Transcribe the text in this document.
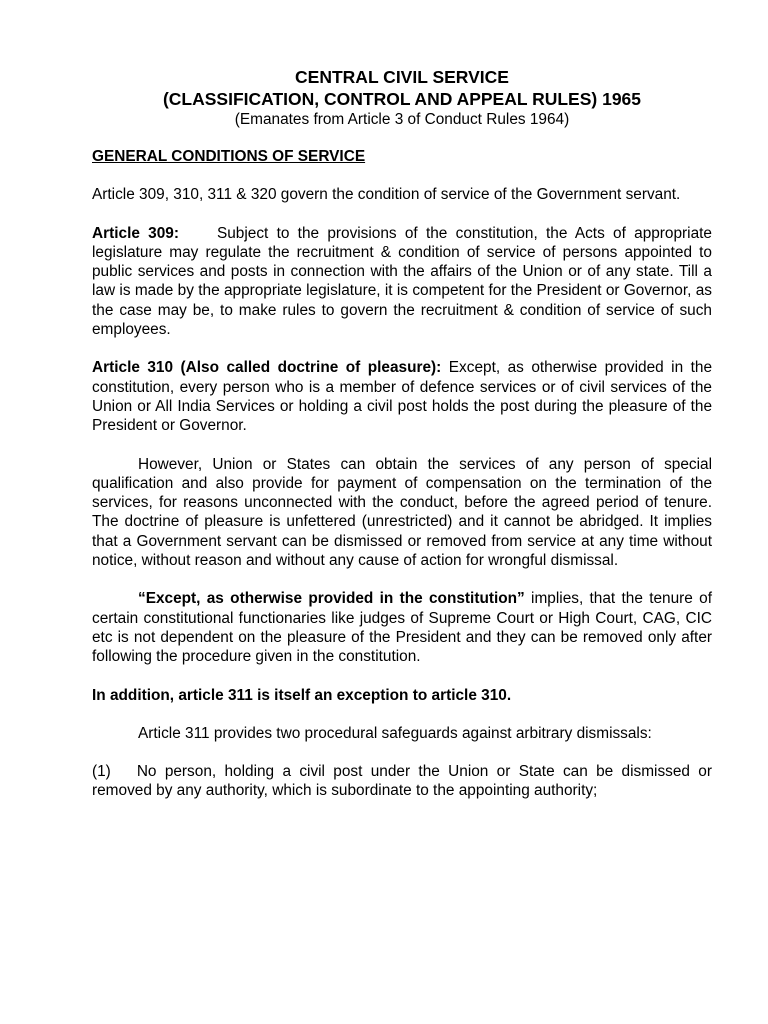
CENTRAL CIVIL SERVICE
(CLASSIFICATION, CONTROL AND APPEAL RULES) 1965
(Emanates from Article 3 of Conduct Rules 1964)
GENERAL CONDITIONS OF SERVICE

Article 309, 310, 311 & 320 govern the condition of service of the Government servant.

Article 309: Subject to the provisions of the constitution, the Acts of appropriate legislature may regulate the recruitment & condition of service of persons appointed to public services and posts in connection with the affairs of the Union or of any state. Till a law is made by the appropriate legislature, it is competent for the President or Governor, as the case may be, to make rules to govern the recruitment & condition of service of such employees.

Article 310 (Also called doctrine of pleasure): Except, as otherwise provided in the constitution, every person who is a member of defence services or of civil services of the Union or All India Services or holding a civil post holds the post during the pleasure of the President or Governor.

However, Union or States can obtain the services of any person of special qualification and also provide for payment of compensation on the termination of the services, for reasons unconnected with the conduct, before the agreed period of tenure. The doctrine of pleasure is unfettered (unrestricted) and it cannot be abridged. It implies that a Government servant can be dismissed or removed from service at any time without notice, without reason and without any cause of action for wrongful dismissal.

“Except, as otherwise provided in the constitution” implies, that the tenure of certain constitutional functionaries like judges of Supreme Court or High Court, CAG, CIC etc is not dependent on the pleasure of the President and they can be removed only after following the procedure given in the constitution.

In addition, article 311 is itself an exception to article 310.

Article 311 provides two procedural safeguards against arbitrary dismissals:

(1) No person, holding a civil post under the Union or State can be dismissed or removed by any authority, which is subordinate to the appointing authority;
